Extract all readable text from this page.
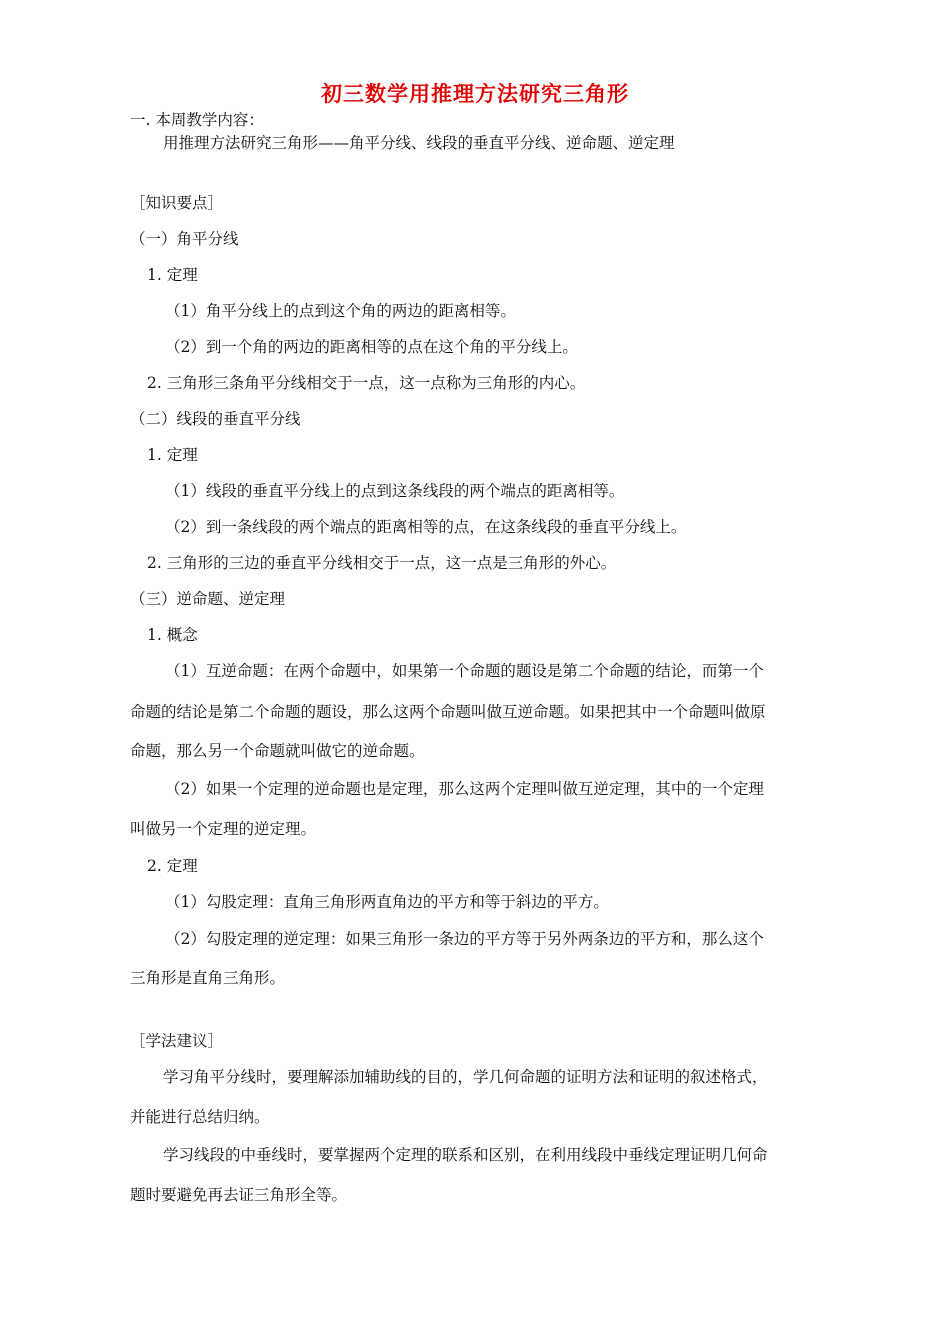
初三数学用推理方法研究三角形
一. 本周教学内容：
用推理方法研究三角形——角平分线、线段的垂直平分线、逆命题、逆定理
［知识要点］
（一）角平分线
1. 定理
（1）角平分线上的点到这个角的两边的距离相等。
（2）到一个角的两边的距离相等的点在这个角的平分线上。
2. 三角形三条角平分线相交于一点，这一点称为三角形的内心。
（二）线段的垂直平分线
1. 定理
（1）线段的垂直平分线上的点到这条线段的两个端点的距离相等。
（2）到一条线段的两个端点的距离相等的点，在这条线段的垂直平分线上。
2. 三角形的三边的垂直平分线相交于一点，这一点是三角形的外心。
（三）逆命题、逆定理
1. 概念
（1）互逆命题：在两个命题中，如果第一个命题的题设是第二个命题的结论，而第一个
命题的结论是第二个命题的题设，那么这两个命题叫做互逆命题。如果把其中一个命题叫做原
命题，那么另一个命题就叫做它的逆命题。
（2）如果一个定理的逆命题也是定理，那么这两个定理叫做互逆定理，其中的一个定理
叫做另一个定理的逆定理。
2. 定理
（1）勾股定理：直角三角形两直角边的平方和等于斜边的平方。
（2）勾股定理的逆定理：如果三角形一条边的平方等于另外两条边的平方和，那么这个
三角形是直角三角形。
［学法建议］
学习角平分线时，要理解添加辅助线的目的，学几何命题的证明方法和证明的叙述格式，
并能进行总结归纳。
学习线段的中垂线时，要掌握两个定理的联系和区别，在利用线段中垂线定理证明几何命
题时要避免再去证三角形全等。
